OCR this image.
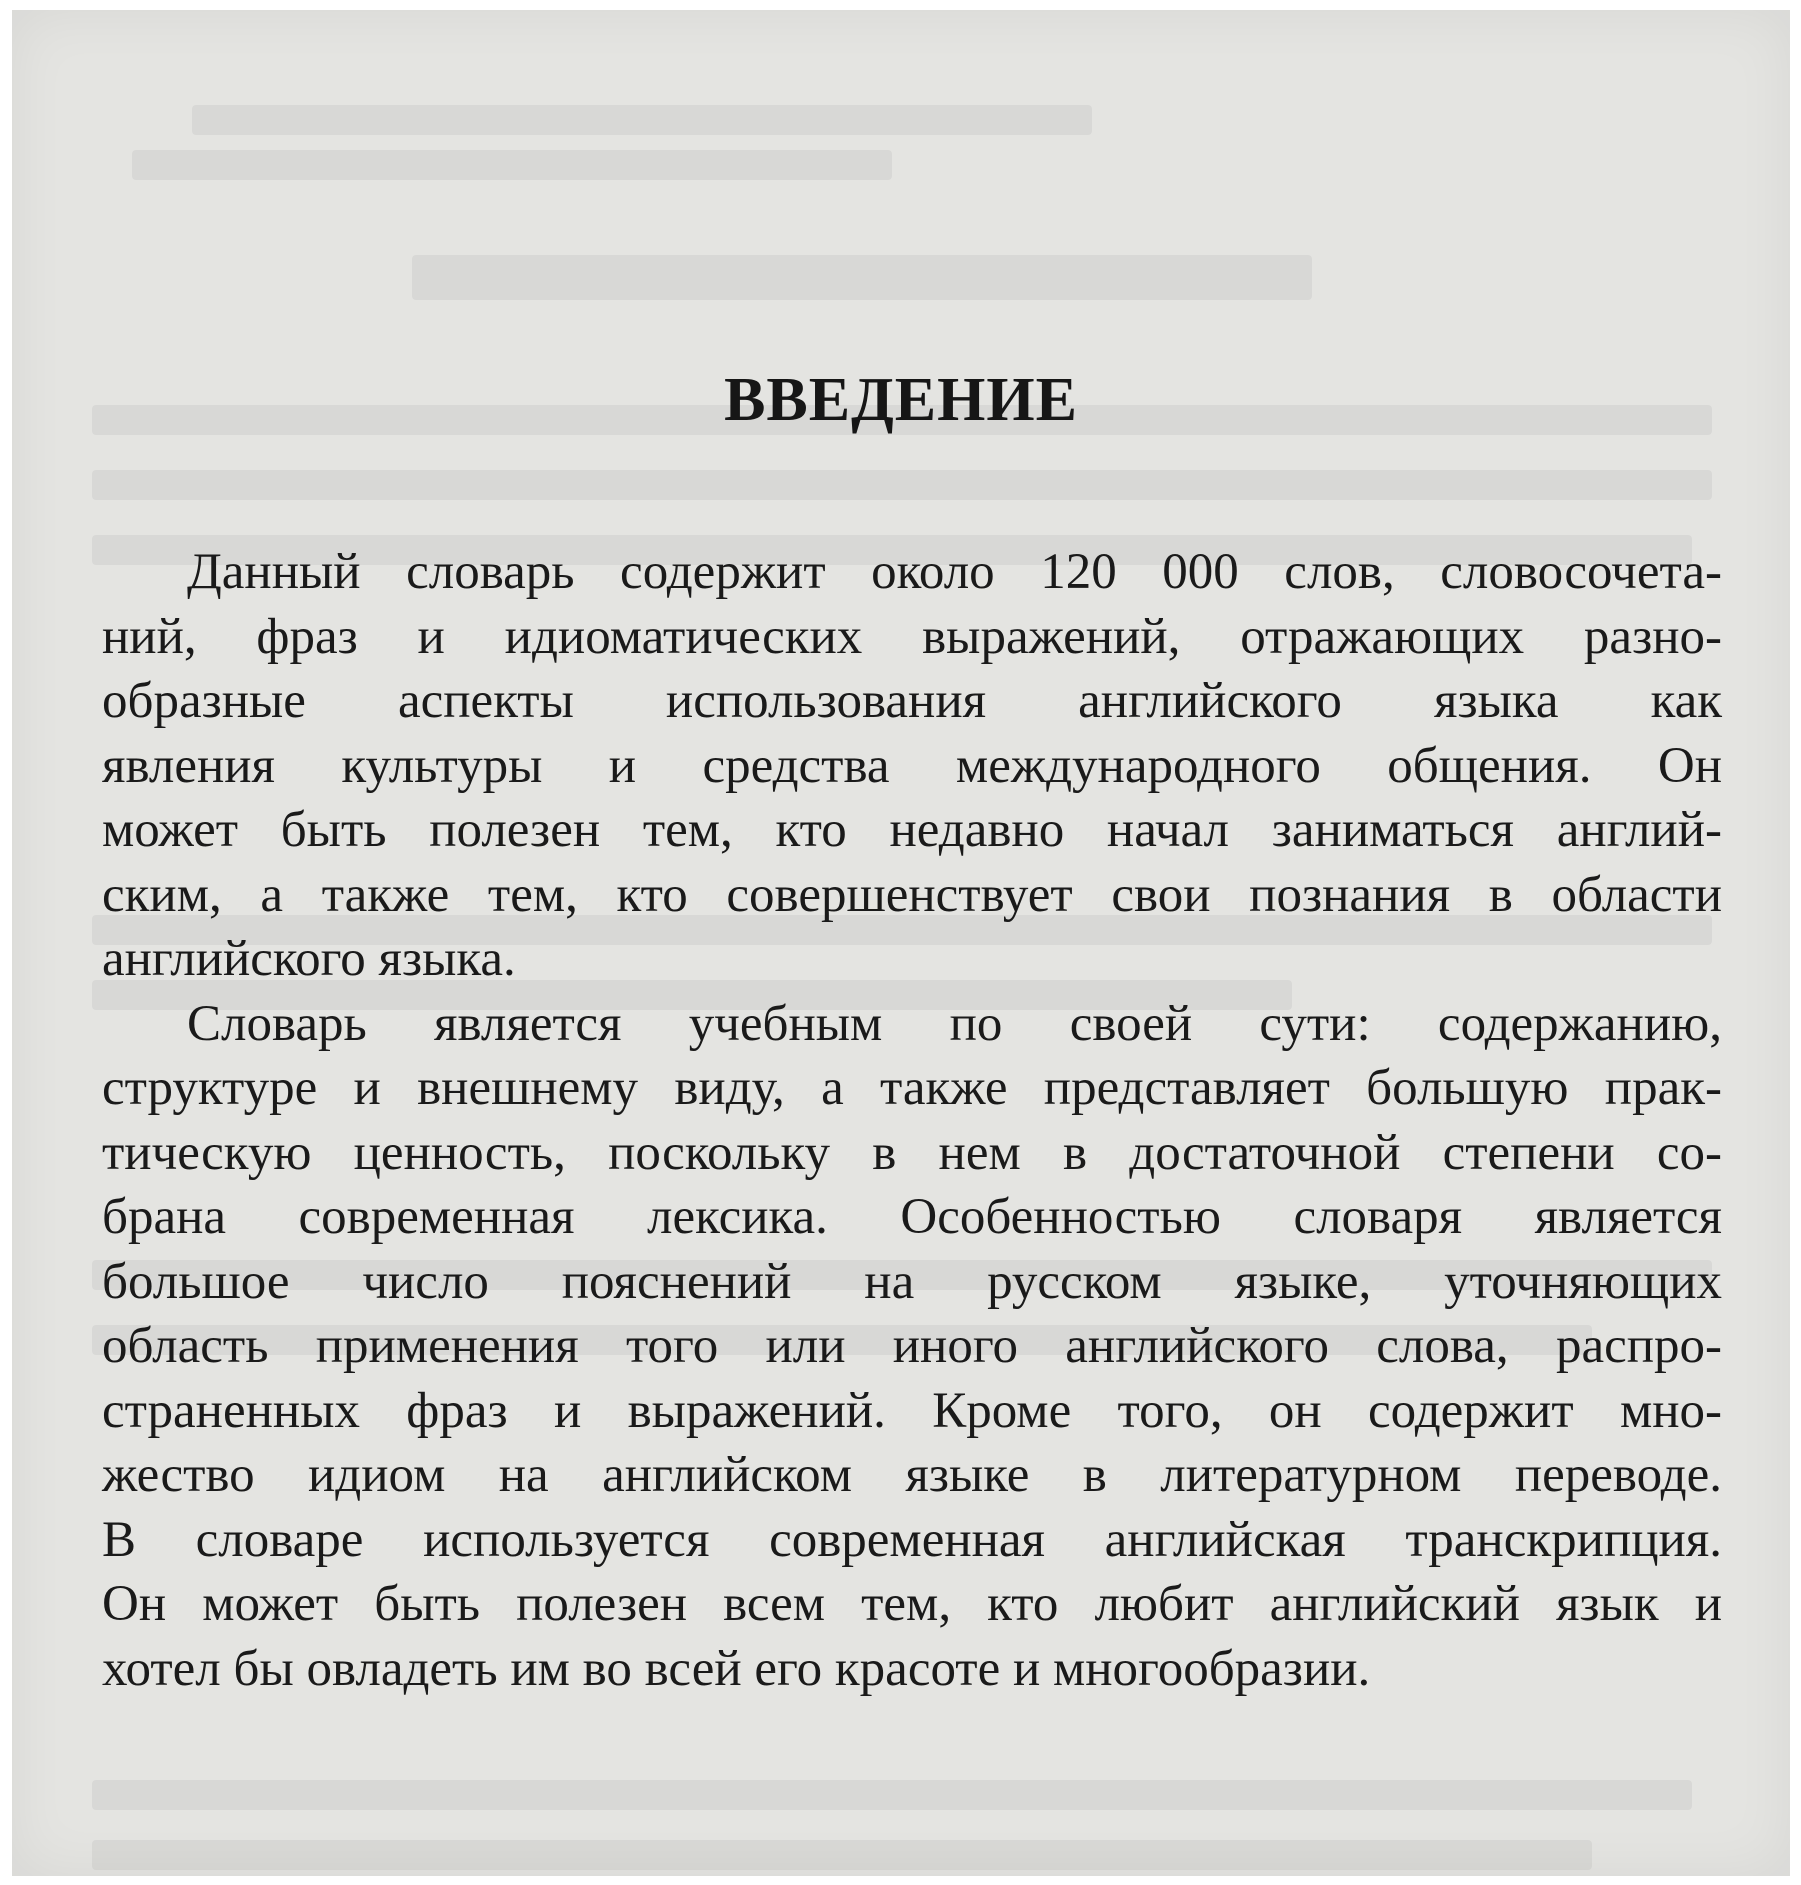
ВВЕДЕНИЕ

Данный словарь содержит около 120 000 слов, словосочета-
ний, фраз и идиоматических выражений, отражающих разно-
образные аспекты использования английского языка как
явления культуры и средства международного общения. Он
может быть полезен тем, кто недавно начал заниматься англий-
ским, а также тем, кто совершенствует свои познания в области
английского языка.

Словарь является учебным по своей сути: содержанию,
структуре и внешнему виду, а также представляет большую прак-
тическую ценность, поскольку в нем в достаточной степени со-
брана современная лексика. Особенностью словаря является
большое число пояснений на русском языке, уточняющих
область применения того или иного английского слова, распро-
страненных фраз и выражений. Кроме того, он содержит мно-
жество идиом на английском языке в литературном переводе.
В словаре используется современная английская транскрипция.
Он может быть полезен всем тем, кто любит английский язык и
хотел бы овладеть им во всей его красоте и многообразии.
